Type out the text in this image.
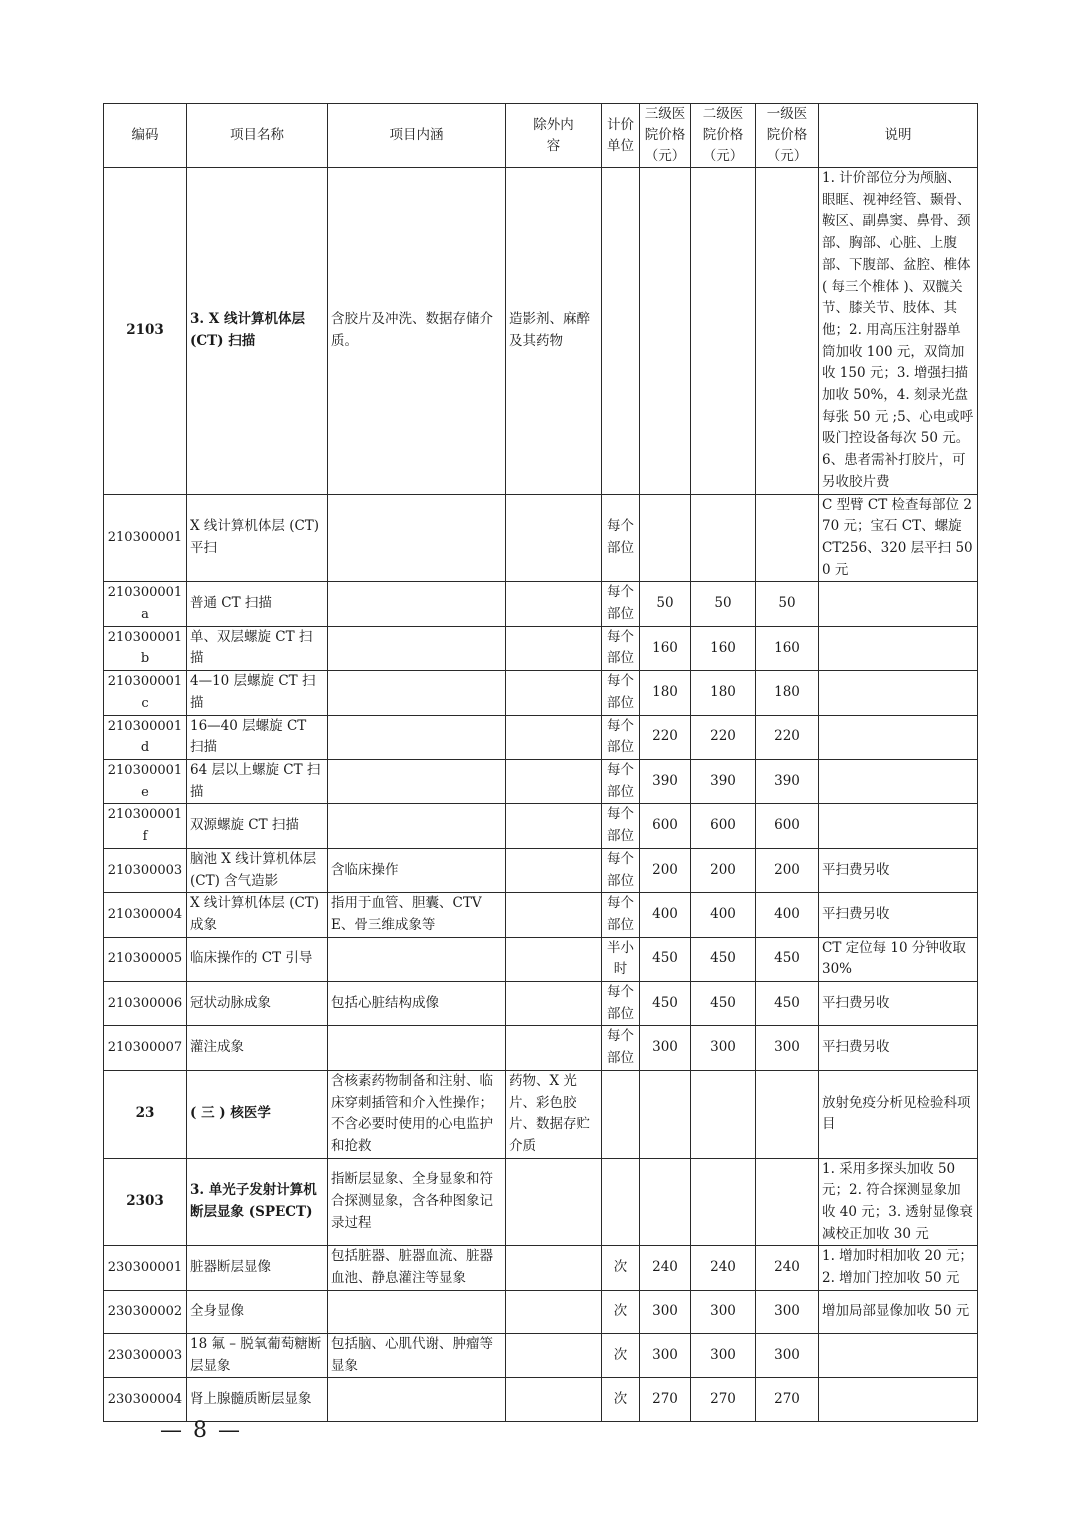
编码	项目名称	项目内涵	除外内容	计价单位	三级医院价格（元）	二级医院价格（元）	一级医院价格（元）	说明
2103	3. X 线计算机体层 (CT) 扫描	含胶片及冲洗、数据存储介质。	造影剂、麻醉及其药物					1. 计价部位分为颅脑、眼眶、视神经管、颞骨、鞍区、副鼻窦、鼻骨、颈部、胸部、心脏、上腹部、下腹部、盆腔、椎体 ( 每三个椎体 )、双髋关节、膝关节、肢体、其他；2. 用高压注射器单筒加收 100 元，双筒加收 150 元；3. 增强扫描加收 50%，4. 刻录光盘每张 50 元 ;5、心电或呼吸门控设备每次 50 元。6、患者需补打胶片，可另收胶片费
210300001	X 线计算机体层 (CT) 平扫			每个部位				C 型臂 CT 检查每部位 270 元；宝石 CT、螺旋 CT256、320 层平扫 500 元
210300001a	普通 CT 扫描			每个部位	50	50	50	
210300001b	单、双层螺旋 CT 扫描			每个部位	160	160	160	
210300001c	4—10 层螺旋 CT 扫描			每个部位	180	180	180	
210300001d	16—40 层螺旋 CT 扫描			每个部位	220	220	220	
210300001e	64 层以上螺旋 CT 扫描			每个部位	390	390	390	
210300001f	双源螺旋 CT 扫描			每个部位	600	600	600	
210300003	脑池 X 线计算机体层 (CT) 含气造影	含临床操作		每个部位	200	200	200	平扫费另收
210300004	X 线计算机体层 (CT) 成象	指用于血管、胆囊、CTVE、骨三维成象等		每个部位	400	400	400	平扫费另收
210300005	临床操作的 CT 引导			半小时	450	450	450	CT 定位每 10 分钟收取 30%
210300006	冠状动脉成象	包括心脏结构成像		每个部位	450	450	450	平扫费另收
210300007	灌注成象			每个部位	300	300	300	平扫费另收
23	( 三 ) 核医学	含核素药物制备和注射、临床穿刺插管和介入性操作；不含必要时使用的心电监护和抢救	药物、X 光片、彩色胶片、数据存贮介质					放射免疫分析见检验科项目
2303	3. 单光子发射计算机断层显象 (SPECT)	指断层显象、全身显象和符合探测显象，含各种图象记录过程						1. 采用多探头加收 50 元；2. 符合探测显象加收 40 元；3. 透射显像衰减校正加收 30 元
230300001	脏器断层显像	包括脏器、脏器血流、脏器血池、静息灌注等显象		次	240	240	240	1. 增加时相加收 20 元；2. 增加门控加收 50 元
230300002	全身显像			次	300	300	300	增加局部显像加收 50 元
230300003	18 氟 – 脱氧葡萄糖断层显象	包括脑、心肌代谢、肿瘤等显象		次	300	300	300	
230300004	肾上腺髓质断层显象			次	270	270	270	
— 8 —
